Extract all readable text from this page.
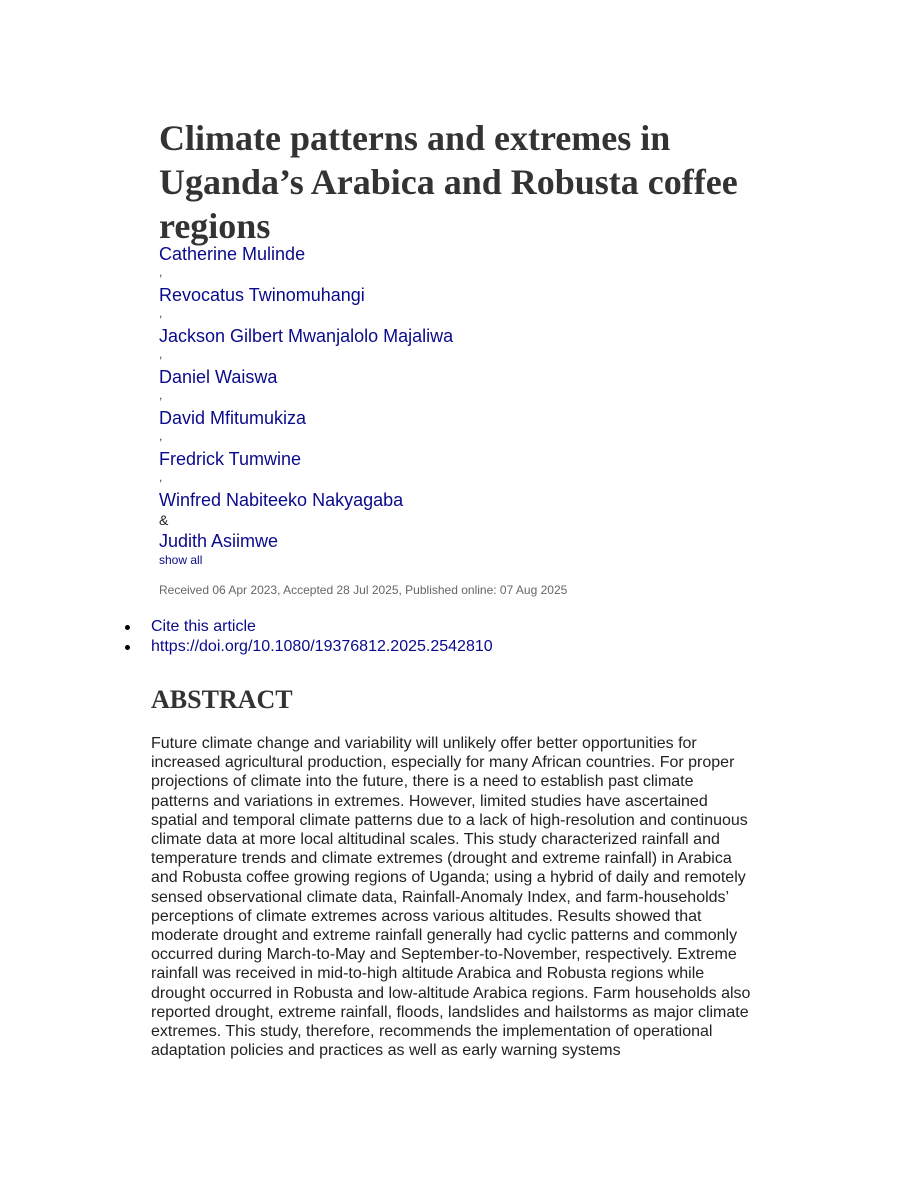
Climate patterns and extremes in Uganda’s Arabica and Robusta coffee regions
Catherine Mulinde
,
Revocatus Twinomuhangi
,
Jackson Gilbert Mwanjalolo Majaliwa
,
Daniel Waiswa
,
David Mfitumukiza
,
Fredrick Tumwine
,
Winfred Nabiteeko Nakyagaba
&
Judith Asiimwe
show all
Received 06 Apr 2023, Accepted 28 Jul 2025, Published online: 07 Aug 2025
Cite this article
https://doi.org/10.1080/19376812.2025.2542810
ABSTRACT

Future climate change and variability will unlikely offer better opportunities for increased agricultural production, especially for many African countries. For proper projections of climate into the future, there is a need to establish past climate patterns and variations in extremes. However, limited studies have ascertained spatial and temporal climate patterns due to a lack of high-resolution and continuous climate data at more local altitudinal scales. This study characterized rainfall and temperature trends and climate extremes (drought and extreme rainfall) in Arabica and Robusta coffee growing regions of Uganda; using a hybrid of daily and remotely sensed observational climate data, Rainfall-Anomaly Index, and farm-households’ perceptions of climate extremes across various altitudes. Results showed that moderate drought and extreme rainfall generally had cyclic patterns and commonly occurred during March-to-May and September-to-November, respectively. Extreme rainfall was received in mid-to-high altitude Arabica and Robusta regions while drought occurred in Robusta and low-altitude Arabica regions. Farm households also reported drought, extreme rainfall, floods, landslides and hailstorms as major climate extremes. This study, therefore, recommends the implementation of operational adaptation policies and practices as well as early warning systems
